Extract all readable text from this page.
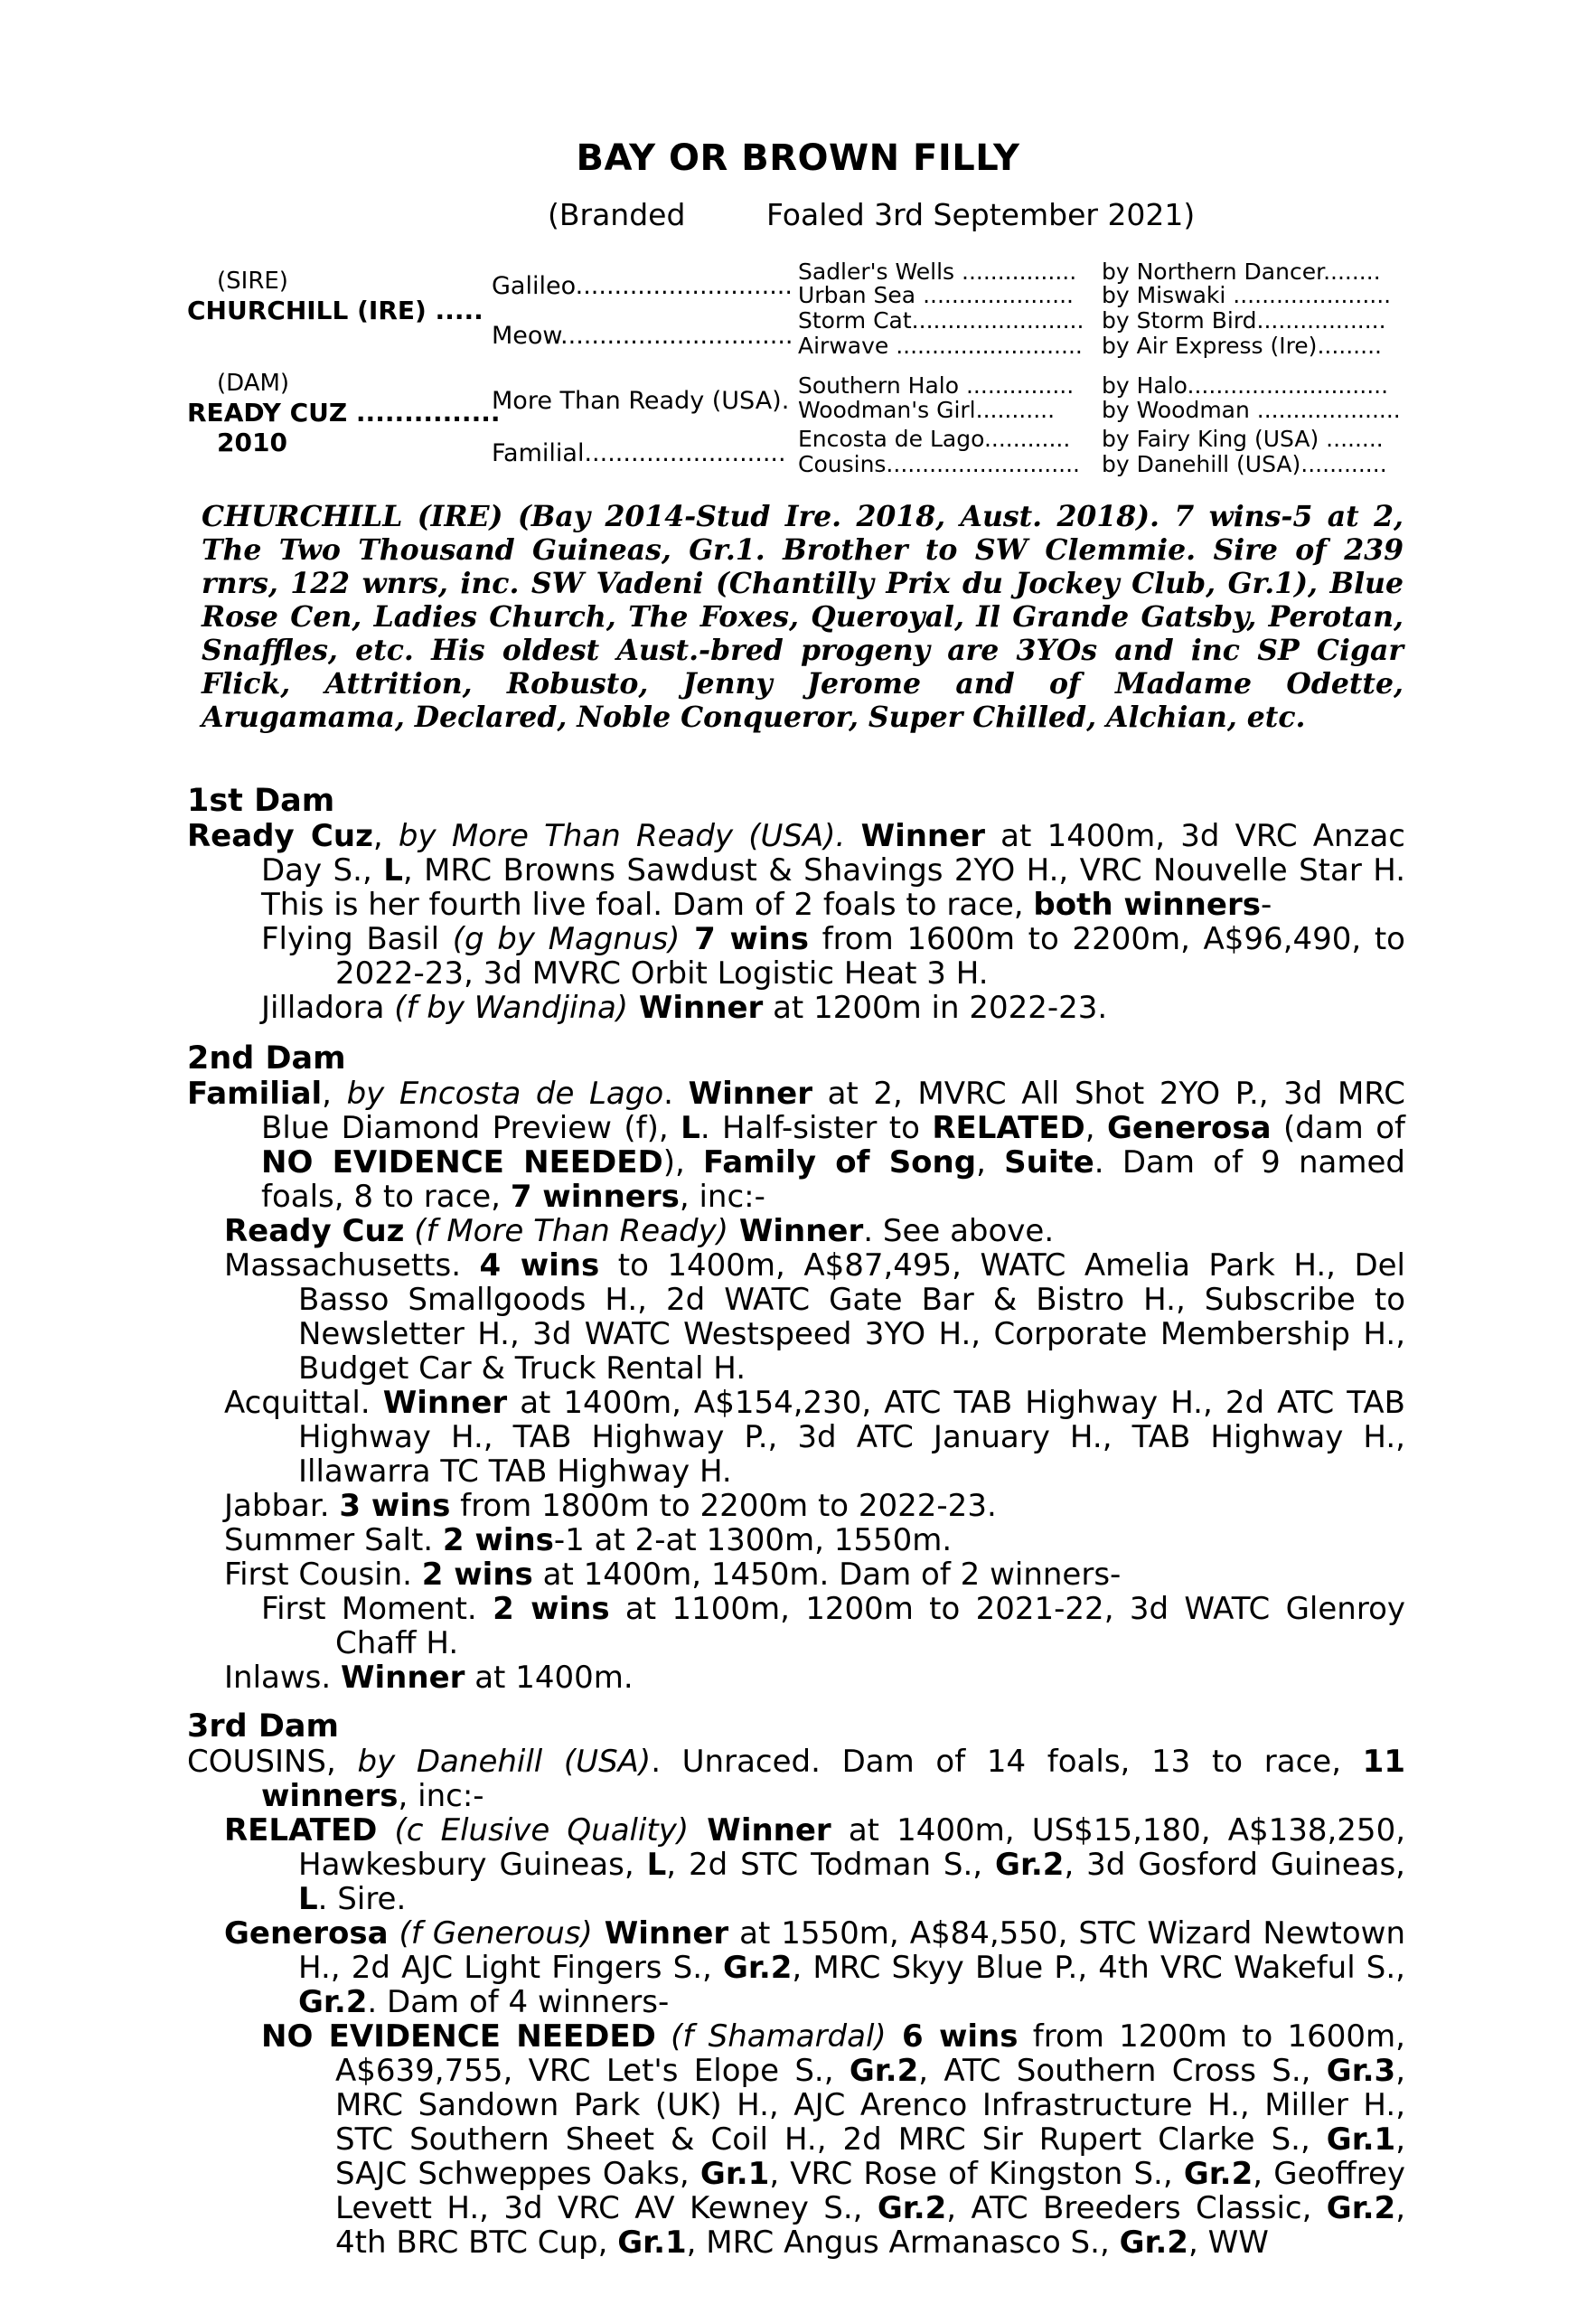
BAY OR BROWN FILLY
(Branded	Foaled 3rd September 2021)
(SIRE)
CHURCHILL (IRE) .....
(DAM)
READY CUZ ...............
2010
Galileo............................
Meow..............................
More Than Ready (USA).
Familial..........................
Sadler's Wells ................
Urban Sea .....................
Storm Cat........................
Airwave ..........................
Southern Halo ...............
Woodman's Girl...........
Encosta de Lago............
Cousins...........................
by Northern Dancer........
by Miswaki ......................
by Storm Bird..................
by Air Express (Ire).........
by Halo............................
by Woodman ....................
by Fairy King (USA) ........
by Danehill (USA)............
CHURCHILL (IRE) (Bay 2014-Stud Ire. 2018, Aust. 2018). 7 wins-5 at 2, The Two Thousand Guineas, Gr.1. Brother to SW Clemmie. Sire of 239 rnrs, 122 wnrs, inc. SW Vadeni (Chantilly Prix du Jockey Club, Gr.1), Blue Rose Cen, Ladies Church, The Foxes, Queroyal, Il Grande Gatsby, Perotan, Snaffles, etc. His oldest Aust.-bred progeny are 3YOs and inc SP Cigar Flick, Attrition, Robusto, Jenny Jerome and of Madame Odette, Arugamama, Declared, Noble Conqueror, Super Chilled, Alchian, etc.
1st Dam
Ready Cuz, by More Than Ready (USA). Winner at 1400m, 3d VRC Anzac Day S., L, MRC Browns Sawdust & Shavings 2YO H., VRC Nouvelle Star H. This is her fourth live foal. Dam of 2 foals to race, both winners-
Flying Basil (g by Magnus) 7 wins from 1600m to 2200m, A$96,490, to 2022-23, 3d MVRC Orbit Logistic Heat 3 H.
Jilladora (f by Wandjina) Winner at 1200m in 2022-23.
2nd Dam
Familial, by Encosta de Lago. Winner at 2, MVRC All Shot 2YO P., 3d MRC Blue Diamond Preview (f), L. Half-sister to RELATED, Generosa (dam of NO EVIDENCE NEEDED), Family of Song, Suite. Dam of 9 named foals, 8 to race, 7 winners, inc:-
Ready Cuz (f More Than Ready) Winner. See above.
Massachusetts. 4 wins to 1400m, A$87,495, WATC Amelia Park H., Del Basso Smallgoods H., 2d WATC Gate Bar & Bistro H., Subscribe to Newsletter H., 3d WATC Westspeed 3YO H., Corporate Membership H., Budget Car & Truck Rental H.
Acquittal. Winner at 1400m, A$154,230, ATC TAB Highway H., 2d ATC TAB Highway H., TAB Highway P., 3d ATC January H., TAB Highway H., Illawarra TC TAB Highway H.
Jabbar. 3 wins from 1800m to 2200m to 2022-23.
Summer Salt. 2 wins-1 at 2-at 1300m, 1550m.
First Cousin. 2 wins at 1400m, 1450m. Dam of 2 winners-
First Moment. 2 wins at 1100m, 1200m to 2021-22, 3d WATC Glenroy Chaff H.
Inlaws. Winner at 1400m.
3rd Dam
COUSINS, by Danehill (USA). Unraced. Dam of 14 foals, 13 to race, 11 winners, inc:-
RELATED (c Elusive Quality) Winner at 1400m, US$15,180, A$138,250, Hawkesbury Guineas, L, 2d STC Todman S., Gr.2, 3d Gosford Guineas, L. Sire.
Generosa (f Generous) Winner at 1550m, A$84,550, STC Wizard Newtown H., 2d AJC Light Fingers S., Gr.2, MRC Skyy Blue P., 4th VRC Wakeful S., Gr.2. Dam of 4 winners-
NO EVIDENCE NEEDED (f Shamardal) 6 wins from 1200m to 1600m, A$639,755, VRC Let's Elope S., Gr.2, ATC Southern Cross S., Gr.3, MRC Sandown Park (UK) H., AJC Arenco Infrastructure H., Miller H., STC Southern Sheet & Coil H., 2d MRC Sir Rupert Clarke S., Gr.1, SAJC Schweppes Oaks, Gr.1, VRC Rose of Kingston S., Gr.2, Geoffrey Levett H., 3d VRC AV Kewney S., Gr.2, ATC Breeders Classic, Gr.2, 4th BRC BTC Cup, Gr.1, MRC Angus Armanasco S., Gr.2, WW
